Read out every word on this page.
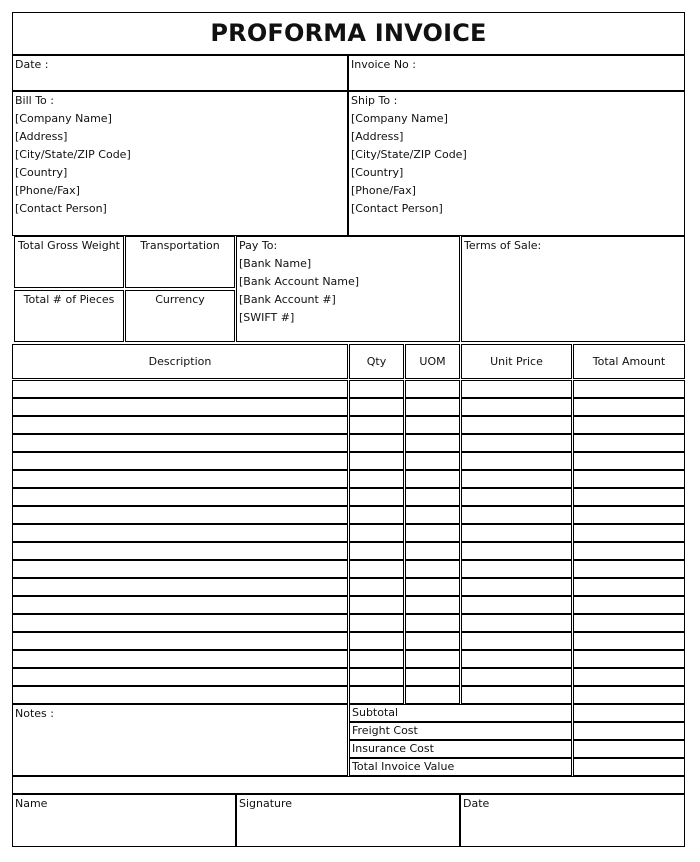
PROFORMA INVOICE
Date :	Invoice No :
Bill To :
[Company Name]
[Address]
[City/State/ZIP Code]
[Country]
[Phone/Fax]
[Contact Person]
Ship To :
[Company Name]
[Address]
[City/State/ZIP Code]
[Country]
[Phone/Fax]
[Contact Person]
Total Gross Weight	Transportation
Total # of Pieces	Currency
Pay To:
[Bank Name]
[Bank Account Name]
[Bank Account #]
[SWIFT #]
Terms of Sale:
Description	Qty	UOM	Unit Price	Total Amount
Notes :	Subtotal
Freight Cost
Insurance Cost
Total Invoice Value
Name	Signature	Date
